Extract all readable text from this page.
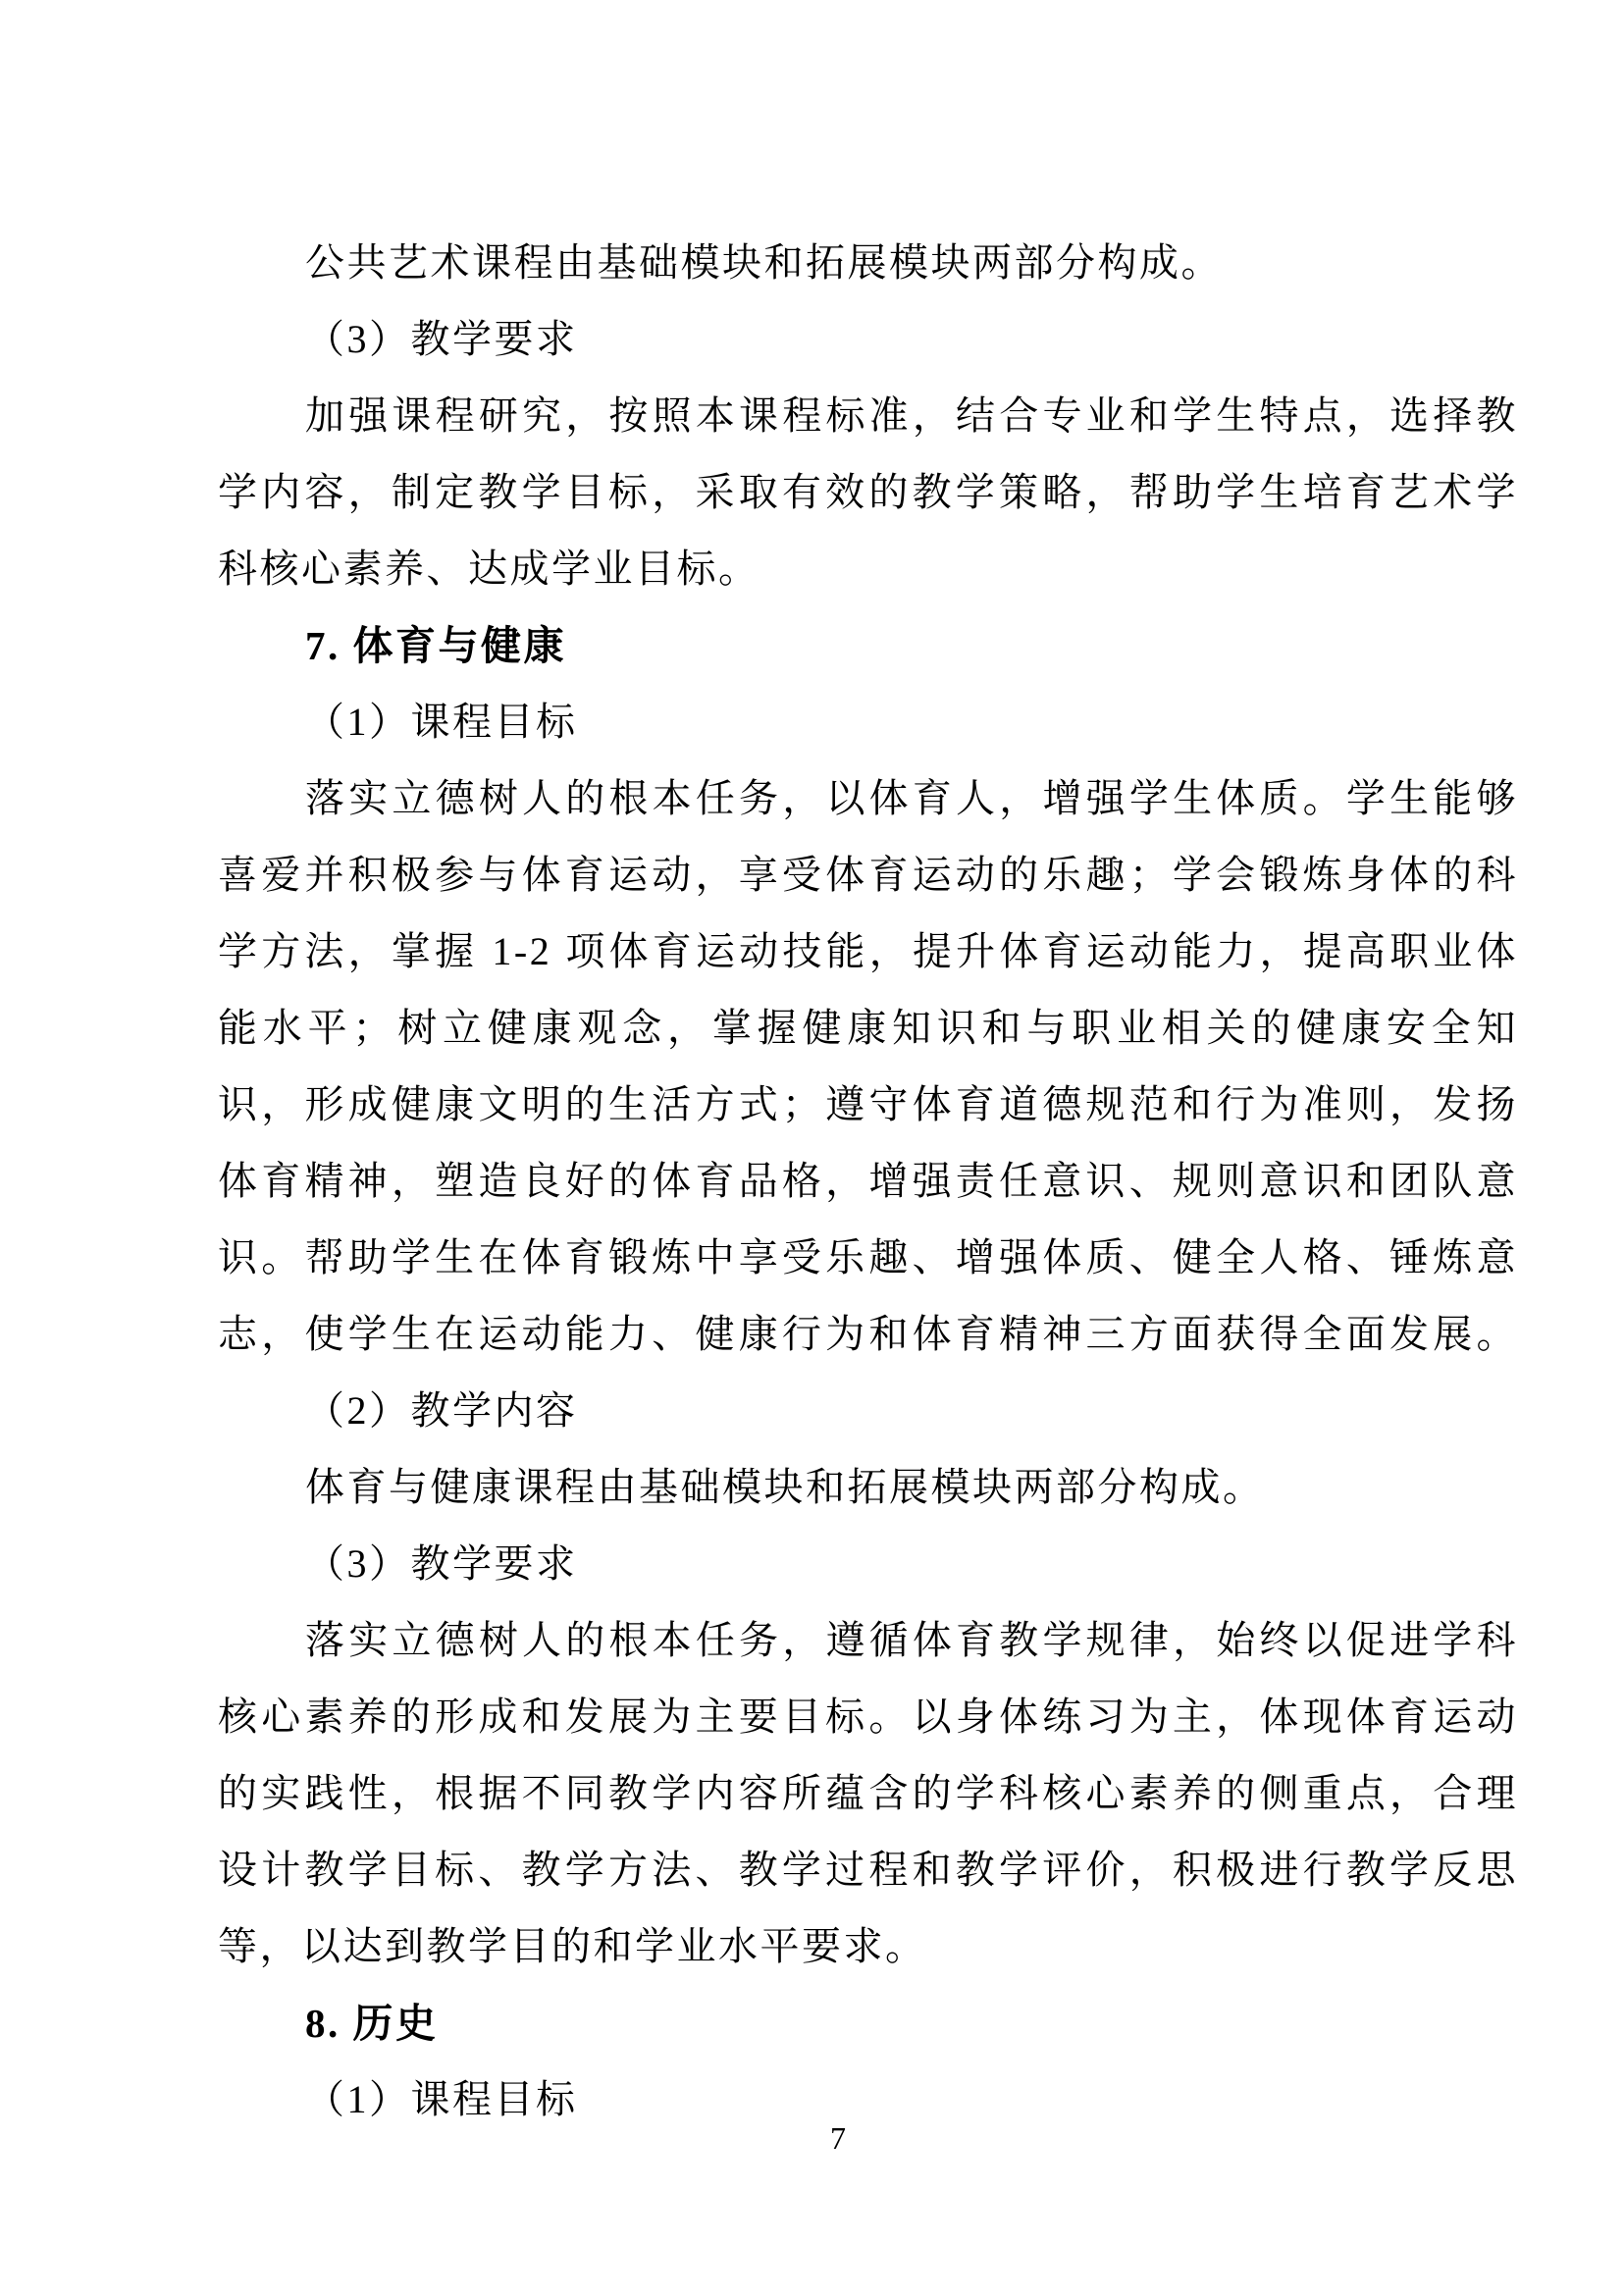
公共艺术课程由基础模块和拓展模块两部分构成。
（3）教学要求
加强课程研究，按照本课程标准，结合专业和学生特点，选择教
学内容，制定教学目标，采取有效的教学策略，帮助学生培育艺术学
科核心素养、达成学业目标。
7. 体育与健康
（1）课程目标
落实立德树人的根本任务，以体育人，增强学生体质。学生能够
喜爱并积极参与体育运动，享受体育运动的乐趣；学会锻炼身体的科
学方法，掌握 1-2 项体育运动技能，提升体育运动能力，提高职业体
能水平；树立健康观念，掌握健康知识和与职业相关的健康安全知
识，形成健康文明的生活方式；遵守体育道德规范和行为准则，发扬
体育精神，塑造良好的体育品格，增强责任意识、规则意识和团队意
识。帮助学生在体育锻炼中享受乐趣、增强体质、健全人格、锤炼意
志，使学生在运动能力、健康行为和体育精神三方面获得全面发展。
（2）教学内容
体育与健康课程由基础模块和拓展模块两部分构成。
（3）教学要求
落实立德树人的根本任务，遵循体育教学规律，始终以促进学科
核心素养的形成和发展为主要目标。以身体练习为主，体现体育运动
的实践性，根据不同教学内容所蕴含的学科核心素养的侧重点，合理
设计教学目标、教学方法、教学过程和教学评价，积极进行教学反思
等，以达到教学目的和学业水平要求。
8. 历史
（1）课程目标
7
